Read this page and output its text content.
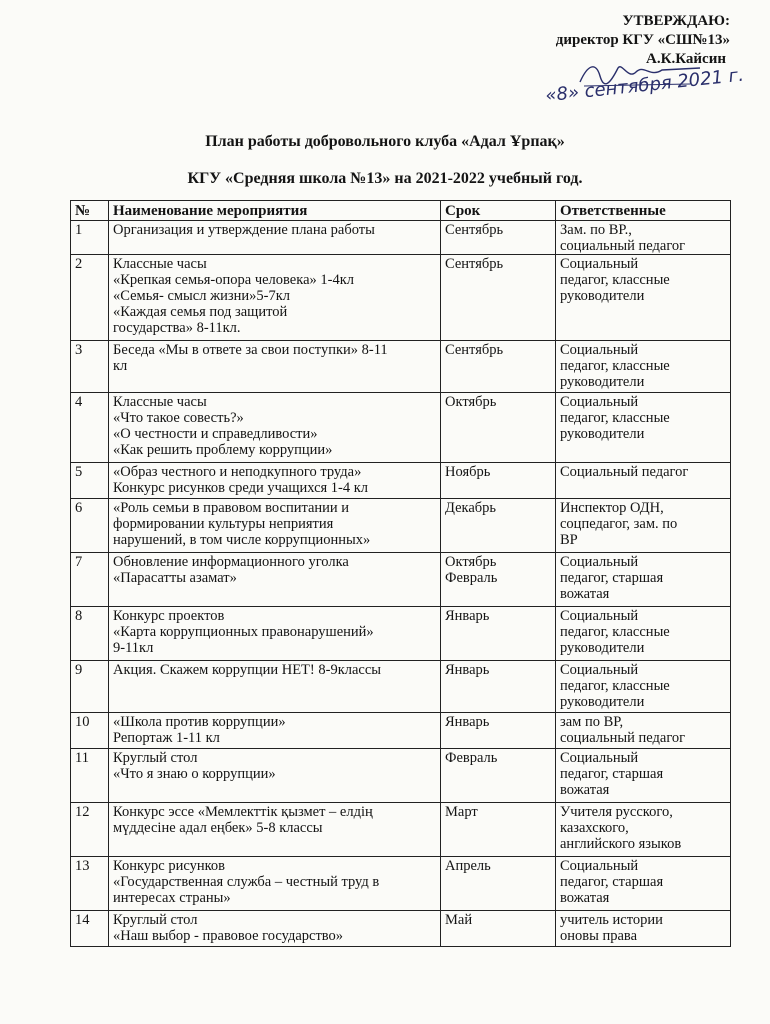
УТВЕРЖДАЮ:
директор КГУ «СШ№13»
А.К.Кайсин
«8» сентября 2021 г.
План работы добровольного клуба «Адал Ұрпақ»
КГУ «Средняя школа №13» на 2021-2022 учебный год.
№	Наименование мероприятия	Срок	Ответственные
1	Организация и утверждение плана работы	Сентябрь	Зам. по ВР.,
социальный педагог
2	Классные часы
«Крепкая семья-опора человека» 1-4кл
«Семья- смысл жизни»5-7кл
«Каждая семья под защитой
государства» 8-11кл.	Сентябрь	Социальный
педагог, классные
руководители
3	Беседа «Мы в ответе за свои поступки» 8-11
кл	Сентябрь	Социальный
педагог, классные
руководители
4	Классные часы
«Что такое совесть?»
«О честности и справедливости»
«Как решить проблему коррупции»	Октябрь	Социальный
педагог, классные
руководители
5	«Образ честного и неподкупного труда»
Конкурс рисунков среди учащихся 1-4 кл	Ноябрь	Социальный педагог
6	«Роль семьи в правовом воспитании и
формировании культуры неприятия
нарушений, в том числе коррупционных»	Декабрь	Инспектор ОДН,
соцпедагог, зам. по
ВР
7	Обновление информационного уголка
«Парасатты азамат»	Октябрь
Февраль	Социальный
педагог, старшая
вожатая
8	Конкурс проектов
«Карта коррупционных правонарушений»
9-11кл	Январь	Социальный
педагог, классные
руководители
9	Акция. Скажем коррупции НЕТ! 8-9классы	Январь	Социальный
педагог, классные
руководители
10	«Школа против коррупции»
Репортаж 1-11 кл	Январь	зам по ВР,
социальный педагог
11	Круглый стол
«Что я знаю о коррупции»	Февраль	Социальный
педагог, старшая
вожатая
12	Конкурс эссе «Мемлекттік қызмет – елдің
мүддесіне адал еңбек» 5-8 классы	Март	Учителя русского,
казахского,
английского языков
13	Конкурс рисунков
«Государственная служба – честный труд в
интересах страны»	Апрель	Социальный
педагог, старшая
вожатая
14	Круглый стол
«Наш выбор - правовое государство»	Май	учитель истории
оновы права
